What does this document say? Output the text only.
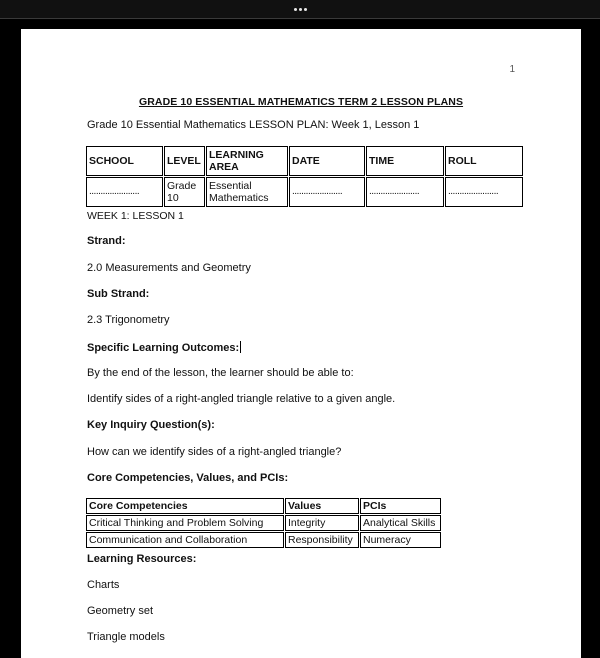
1
GRADE 10 ESSENTIAL MATHEMATICS TERM 2 LESSON PLANS
Grade 10 Essential Mathematics LESSON PLAN: Week 1, Lesson 1
SCHOOL	LEVEL	LEARNING AREA	DATE	TIME	ROLL
......................	Grade 10	Essential Mathematics	......................	......................	......................
WEEK 1: LESSON 1
Strand:
2.0 Measurements and Geometry
Sub Strand:
2.3 Trigonometry
Specific Learning Outcomes:
By the end of the lesson, the learner should be able to:
Identify sides of a right-angled triangle relative to a given angle.
Key Inquiry Question(s):
How can we identify sides of a right-angled triangle?
Core Competencies, Values, and PCIs:
Core Competencies	Values	PCIs
Critical Thinking and Problem Solving	Integrity	Analytical Skills
Communication and Collaboration	Responsibility	Numeracy
Learning Resources:
Charts
Geometry set
Triangle models
